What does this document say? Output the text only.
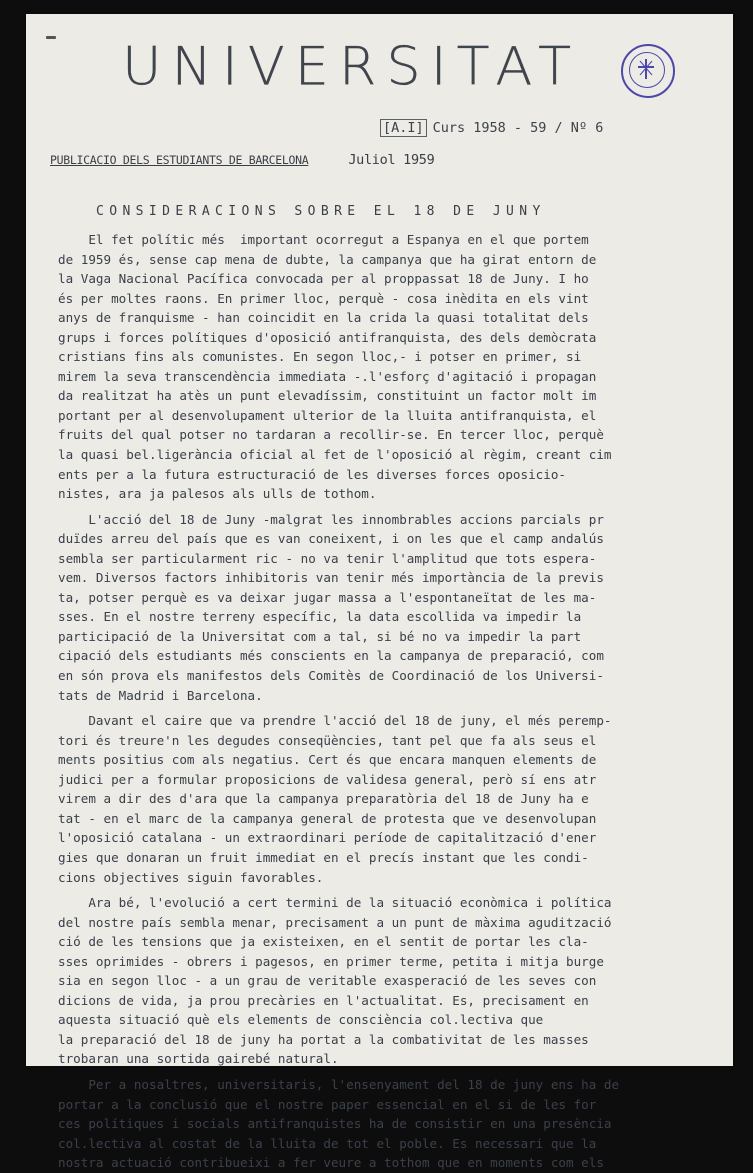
UNIVERSITAT
[A.I] Curs 1958 - 59 / Nº 6
PUBLICACIO DELS ESTUDIANTS DE BARCELONA	Juliol 1959
CONSIDERACIONS SOBRE EL 18 DE JUNY
El fet polític més  important ocorregut a Espanya en el que portem
de 1959 és, sense cap mena de dubte, la campanya que ha girat entorn de
la Vaga Nacional Pacífica convocada per al proppassat 18 de Juny. I ho
és per moltes raons. En primer lloc, perquè - cosa inèdita en els vint
anys de franquisme - han coincidit en la crida la quasi totalitat dels
grups i forces polítiques d'oposició antifranquista, des dels demòcrata
cristians fins als comunistes. En segon lloc,- i potser en primer, si
mirem la seva transcendència immediata -.l'esforç d'agitació i propagan
da realitzat ha atès un punt elevadíssim, constituint un factor molt im
portant per al desenvolupament ulterior de la lluita antifranquista, el
fruits del qual potser no tardaran a recollir-se. En tercer lloc, perquè
la quasi bel.ligerància oficial al fet de l'oposició al règim, creant cim
ents per a la futura estructuració de les diverses forces oposicio-
nistes, ara ja palesos als ulls de tothom.
L'acció del 18 de Juny -malgrat les innombrables accions parcials pr
duïdes arreu del país que es van coneixent, i on les que el camp andalús
sembla ser particularment ric - no va tenir l'amplitud que tots espera-
vem. Diversos factors inhibitoris van tenir més importància de la previs
ta, potser perquè es va deixar jugar massa a l'espontaneïtat de les ma-
sses. En el nostre terreny específic, la data escollida va impedir la
participació de la Universitat com a tal, si bé no va impedir la part
cipació dels estudiants més conscients en la campanya de preparació, com
en són prova els manifestos dels Comitès de Coordinació de los Universi-
tats de Madrid i Barcelona.
Davant el caire que va prendre l'acció del 18 de juny, el més peremp-
tori és treure'n les degudes conseqüències, tant pel que fa als seus el
ments positius com als negatius. Cert és que encara manquen elements de
judici per a formular proposicions de validesa general, però sí ens atr
virem a dir des d'ara que la campanya preparatòria del 18 de Juny ha e
tat - en el marc de la campanya general de protesta que ve desenvolupan
l'oposició catalana - un extraordinari període de capitalització d'ener
gies que donaran un fruit immediat en el precís instant que les condi-
cions objectives siguin favorables.
Ara bé, l'evolució a cert termini de la situació econòmica i política
del nostre país sembla menar, precisament a un punt de màxima agudització
ció de les tensions que ja existeixen, en el sentit de portar les cla-
sses oprimides - obrers i pagesos, en primer terme, petita i mitja burge
sia en segon lloc - a un grau de veritable exasperació de les seves con
dicions de vida, ja prou precàries en l'actualitat. Es, precisament en
aquesta situació què els elements de consciència col.lectiva que
la preparació del 18 de juny ha portat a la combativitat de les masses
trobaran una sortida gairebé natural.
Per a nosaltres, universitaris, l'ensenyament del 18 de juny ens ha de
portar a la conclusió que el nostre paper essencial en el si de les for
ces polítiques i socials antifranquistes ha de consistir en una presència
col.lectiva al costat de la lluita de tot el poble. Es necessari que la
nostra actuació contribueixi a fer veure a tothom que en moments com els
